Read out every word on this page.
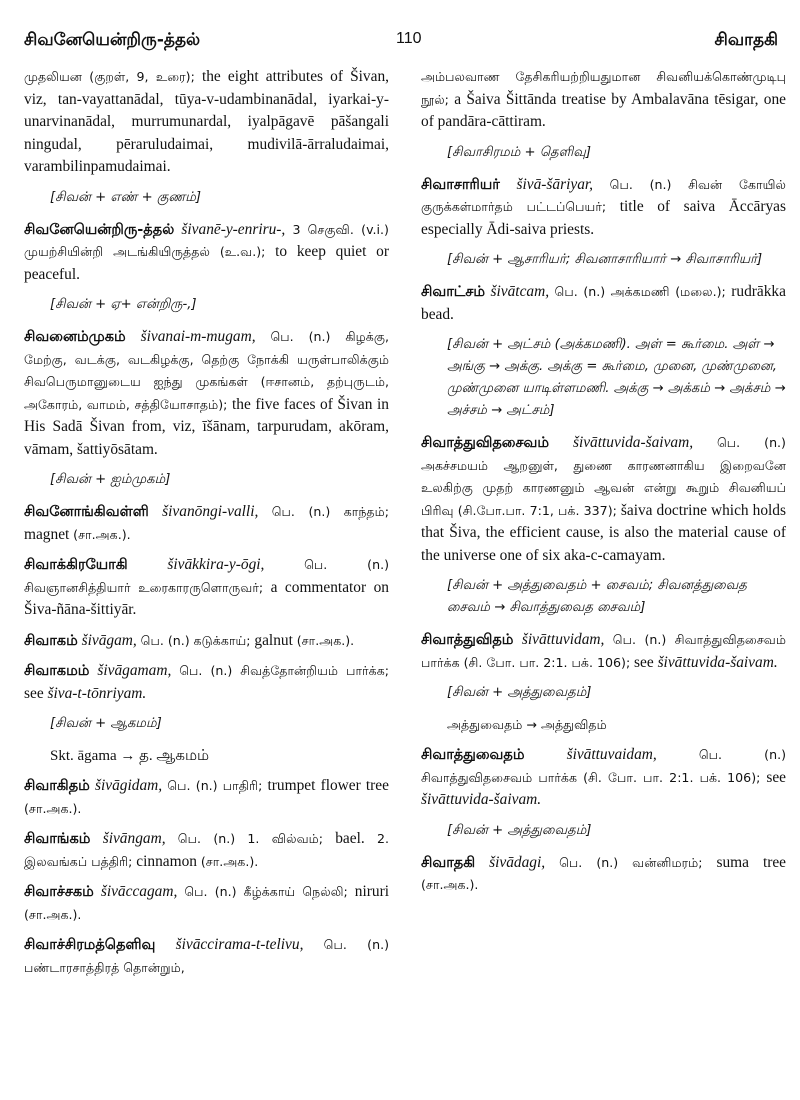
சிவனேயென்றிரு-த்தல்	110	சிவாதகி
முதலியன (குறள், 9, உரை); the eight attributes of Šivan, viz, tan-vayattanādal, tūya-v-udambinanādal, iyarkai-y-unarvinanādal, murrumunardal, iyalpāgavē pāšangali ningudal, pēraruludaimai, mudivilā-ārraludaimai, varambilinpamudaimai.
[சிவன் + எண் + குணம்]
சிவனேயென்றிரு-த்தல் šivanē-y-enriru-, 3 செகுவி. (v.i.) முயற்சியின்றி அடங்கியிருத்தல் (உ.வ.); to keep quiet or peaceful.
[சிவன் + ஏ+ என்றிரு-,]
சிவனைம்முகம் šivanai-m-mugam, பெ. (n.) கிழக்கு, மேற்கு, வடக்கு, வடகிழக்கு, தெற்கு நோக்கி யருள்பாலிக்கும் சிவபெருமானுடைய ஐந்து முகங்கள் (ஈசானம், தற்புருடம், அகோரம், வாமம், சத்தியோசாதம்); the five faces of Šivan in His Sadā Šivan from, viz, īšānam, tarpurudam, akōram, vāmam, šattiyōsātam.
[சிவன் + ஐம்முகம்]
சிவனோங்கிவள்ளி šivanōngi-valli, பெ. (n.) காந்தம்; magnet (சா.அக.).
சிவாக்கிரயோகி	šivākkira-y-ōgi,	பெ. (n.) சிவஞானசித்தியார் உரைகாரருளொருவர்; a commentator on Šiva-ñāna-šittiyār.
சிவாகம் šivāgam, பெ. (n.) கடுக்காய்; galnut (சா.அக.).
சிவாகமம் šivāgamam, பெ. (n.) சிவத்தோன்றியம் பார்க்க; see šiva-t-tōnriyam.
[சிவன் + ஆகமம்]
Skt. āgama → த. ஆகமம்
சிவாகிதம் šivāgidam, பெ. (n.) பாதிரி; trumpet flower tree (சா.அக.).
சிவாங்கம் šivāngam, பெ. (n.) 1. வில்வம்; bael. 2. இலவங்கப் பத்திரி; cinnamon (சா.அக.).
சிவாச்சகம் šivāccagam, பெ. (n.) கீழ்க்காய் நெல்லி; niruri (சா.அக.).
சிவாச்சிரமத்தெளிவு šivāccirama-t-telivu, பெ. (n.) பண்டாரசாத்திரத் தொன்றும்,
அம்பலவாண தேசிகரியற்றியதுமான சிவனியக்கொண்முடிபு நூல்; a Šaiva Šittānda treatise by Ambalavāna tēsigar, one of pandāra-cāttiram.
[சிவாசிரமம் + தெளிவு]
சிவாசாரியர் šivā-šāriyar, பெ. (n.) சிவன் கோயில் குருக்கள்மார்தம் பட்டப்பெயர்; title of saiva Āccāryas especially Ādi-saiva priests.
[சிவன் + ஆசாரியர்; சிவனாசாரியார் → சிவாசாரியர்]
சிவாட்சம் šivātcam, பெ. (n.) அக்கமணி (மலை.); rudrākka bead.
[சிவன் + அட்சம் (அக்கமணி). அள் = கூர்மை. அள் → அங்கு → அக்கு. அக்கு = கூர்மை, முனை, முண்முனை, முண்முனை யாடிள்ளமணி. அக்கு → அக்கம் → அக்சம் → அச்சம் → அட்சம்]
சிவாத்துவிதசைவம் šivāttuvida-šaivam, பெ. (n.) அகச்சமயம் ஆறனுள், துணை காரணனாகிய இறைவனே உலகிற்கு முதற் காரணனும் ஆவன் என்று கூறும் சிவனியப் பிரிவு (சி.போ.பா. 7:1, பக். 337); šaiva doctrine which holds that Šiva, the efficient cause, is also the material cause of the universe one of six aka-c-camayam.
[சிவன் + அத்துவைதம் + சைவம்; சிவனத்துவைத சைவம் → சிவாத்துவைத சைவம்]
சிவாத்துவிதம் šivāttuvidam, பெ. (n.) சிவாத்துவிதசைவம் பார்க்க (சி. போ. பா. 2:1. பக். 106); see šivāttuvida-šaivam.
[சிவன் + அத்துவைதம்]
அத்துவைதம் → அத்துவிதம்
சிவாத்துவைதம்	šivāttuvaidam,	பெ. (n.) சிவாத்துவிதசைவம் பார்க்க (சி. போ. பா. 2:1. பக். 106); see šivāttuvida-šaivam.
[சிவன் + அத்துவைதம்]
சிவாதகி šivādagi, பெ. (n.) வன்னிமரம்; suma tree (சா.அக.).
